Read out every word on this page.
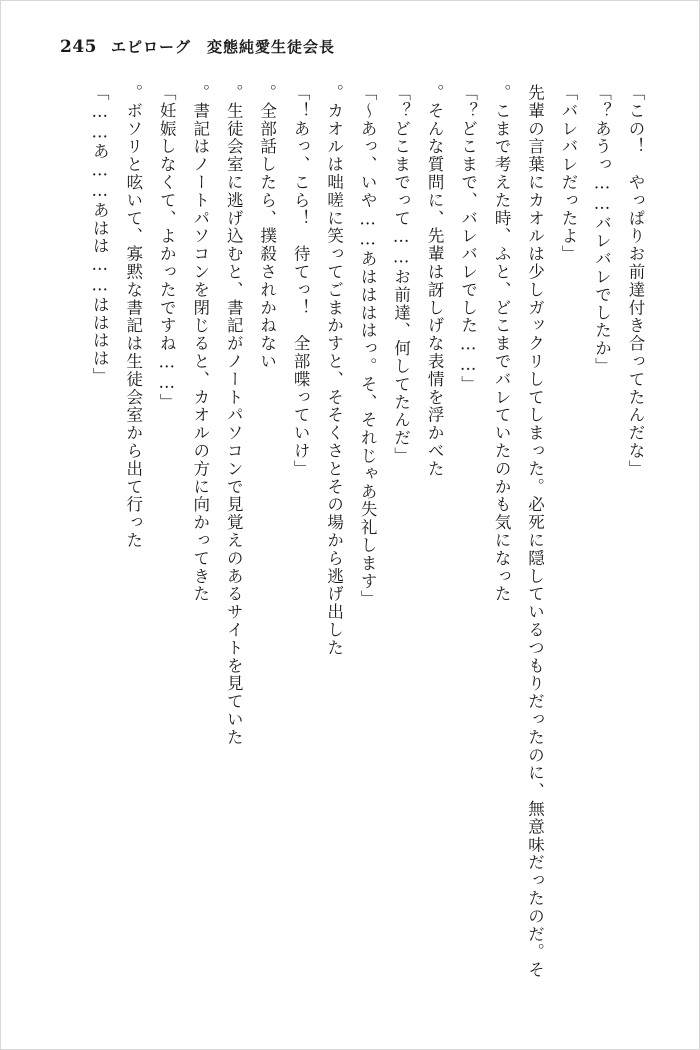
245 エピローグ　変態純愛生徒会長

「この！　やっぱりお前達付き合ってたんだな」

「あうっ……バレバレでしたか？」

「バレバレだったよ」

　先輩の言葉にカオルは少しガックリしてしまった。必死に隠しているつもりだったのに、無意味だったのだ。そこまで考えた時、ふと、どこまでバレていたのかも気になった。

「……どこまで、バレバレでした？」

　そんな質問に、先輩は訝しげな表情を浮かべた。

「どこまでって……お前達、何してたんだ？」

「あっ、いや……あははははっ。そ、それじゃあ失礼します〜」

　カオルは咄嗟に笑ってごまかすと、そそくさとその場から逃げ出した。

「あっ、こら！　待てっ！　全部喋っていけ！」

　全部話したら、撲殺されかねない。

　生徒会室に逃げ込むと、書記がノートパソコンで見覚えのあるサイトを見ていた。

　書記はノートパソコンを閉じると、カオルの方に向かってきた。

「……妊娠しなくて、よかったですね」

　ボソリと呟いて、寡黙な書記は生徒会室から出て行った。

「あ……あはは……はははは……」
